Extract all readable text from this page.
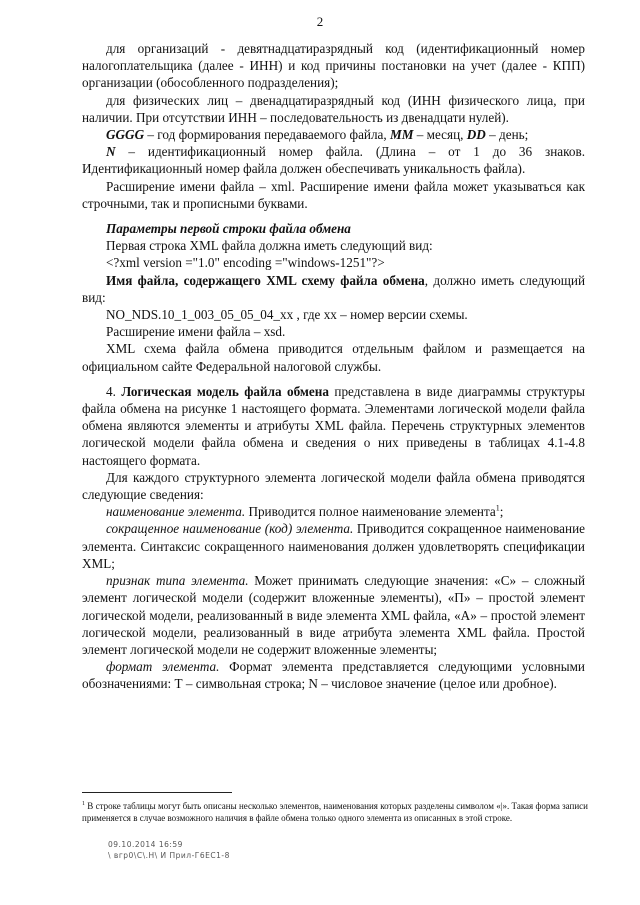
2

для организаций - девятнадцатиразрядный код (идентификационный номер налогоплательщика (далее - ИНН) и код причины постановки на учет (далее - КПП) организации (обособленного подразделения);

для физических лиц – двенадцатиразрядный код (ИНН физического лица, при наличии. При отсутствии ИНН – последовательность из двенадцати нулей).

GGGG – год формирования передаваемого файла, ММ – месяц, DD – день;

N – идентификационный номер файла. (Длина – от 1 до 36 знаков. Идентификационный номер файла должен обеспечивать уникальность файла).

Расширение имени файла – xml. Расширение имени файла может указываться как строчными, так и прописными буквами.

Параметры первой строки файла обмена

Первая строка XML файла должна иметь следующий вид:

<?xml version ="1.0" encoding ="windows-1251"?>

Имя файла, содержащего XML схему файла обмена, должно иметь следующий вид:

NO_NDS.10_1_003_05_05_04_xx , где хх – номер версии схемы.

Расширение имени файла – xsd.

XML схема файла обмена приводится отдельным файлом и размещается на официальном сайте Федеральной налоговой службы.

4. Логическая модель файла обмена представлена в виде диаграммы структуры файла обмена на рисунке 1 настоящего формата. Элементами логической модели файла обмена являются элементы и атрибуты XML файла. Перечень структурных элементов логической модели файла обмена и сведения о них приведены в таблицах 4.1-4.8 настоящего формата.

Для каждого структурного элемента логической модели файла обмена приводятся следующие сведения:

наименование элемента. Приводится полное наименование элемента$^1$;

сокращенное наименование (код) элемента. Приводится сокращенное наименование элемента. Синтаксис сокращенного наименования должен удовлетворять спецификации XML;

признак типа элемента. Может принимать следующие значения: «С» – сложный элемент логической модели (содержит вложенные элементы), «П» – простой элемент логической модели, реализованный в виде элемента XML файла, «А» – простой элемент логической модели, реализованный в виде атрибута элемента XML файла. Простой элемент логической модели не содержит вложенные элементы;

формат элемента. Формат элемента представляется следующими условными обозначениями: Т – символьная строка; N – числовое значение (целое или дробное).

$^1$ В строке таблицы могут быть описаны несколько элементов, наименования которых разделены символом «|». Такая форма записи применяется в случае возможного наличия в файле обмена только одного элемента из описанных в этой строке.
09.10.2014 16:59
\ вгр0\С\.Н\ И Прил-Г6ЕС1-8
